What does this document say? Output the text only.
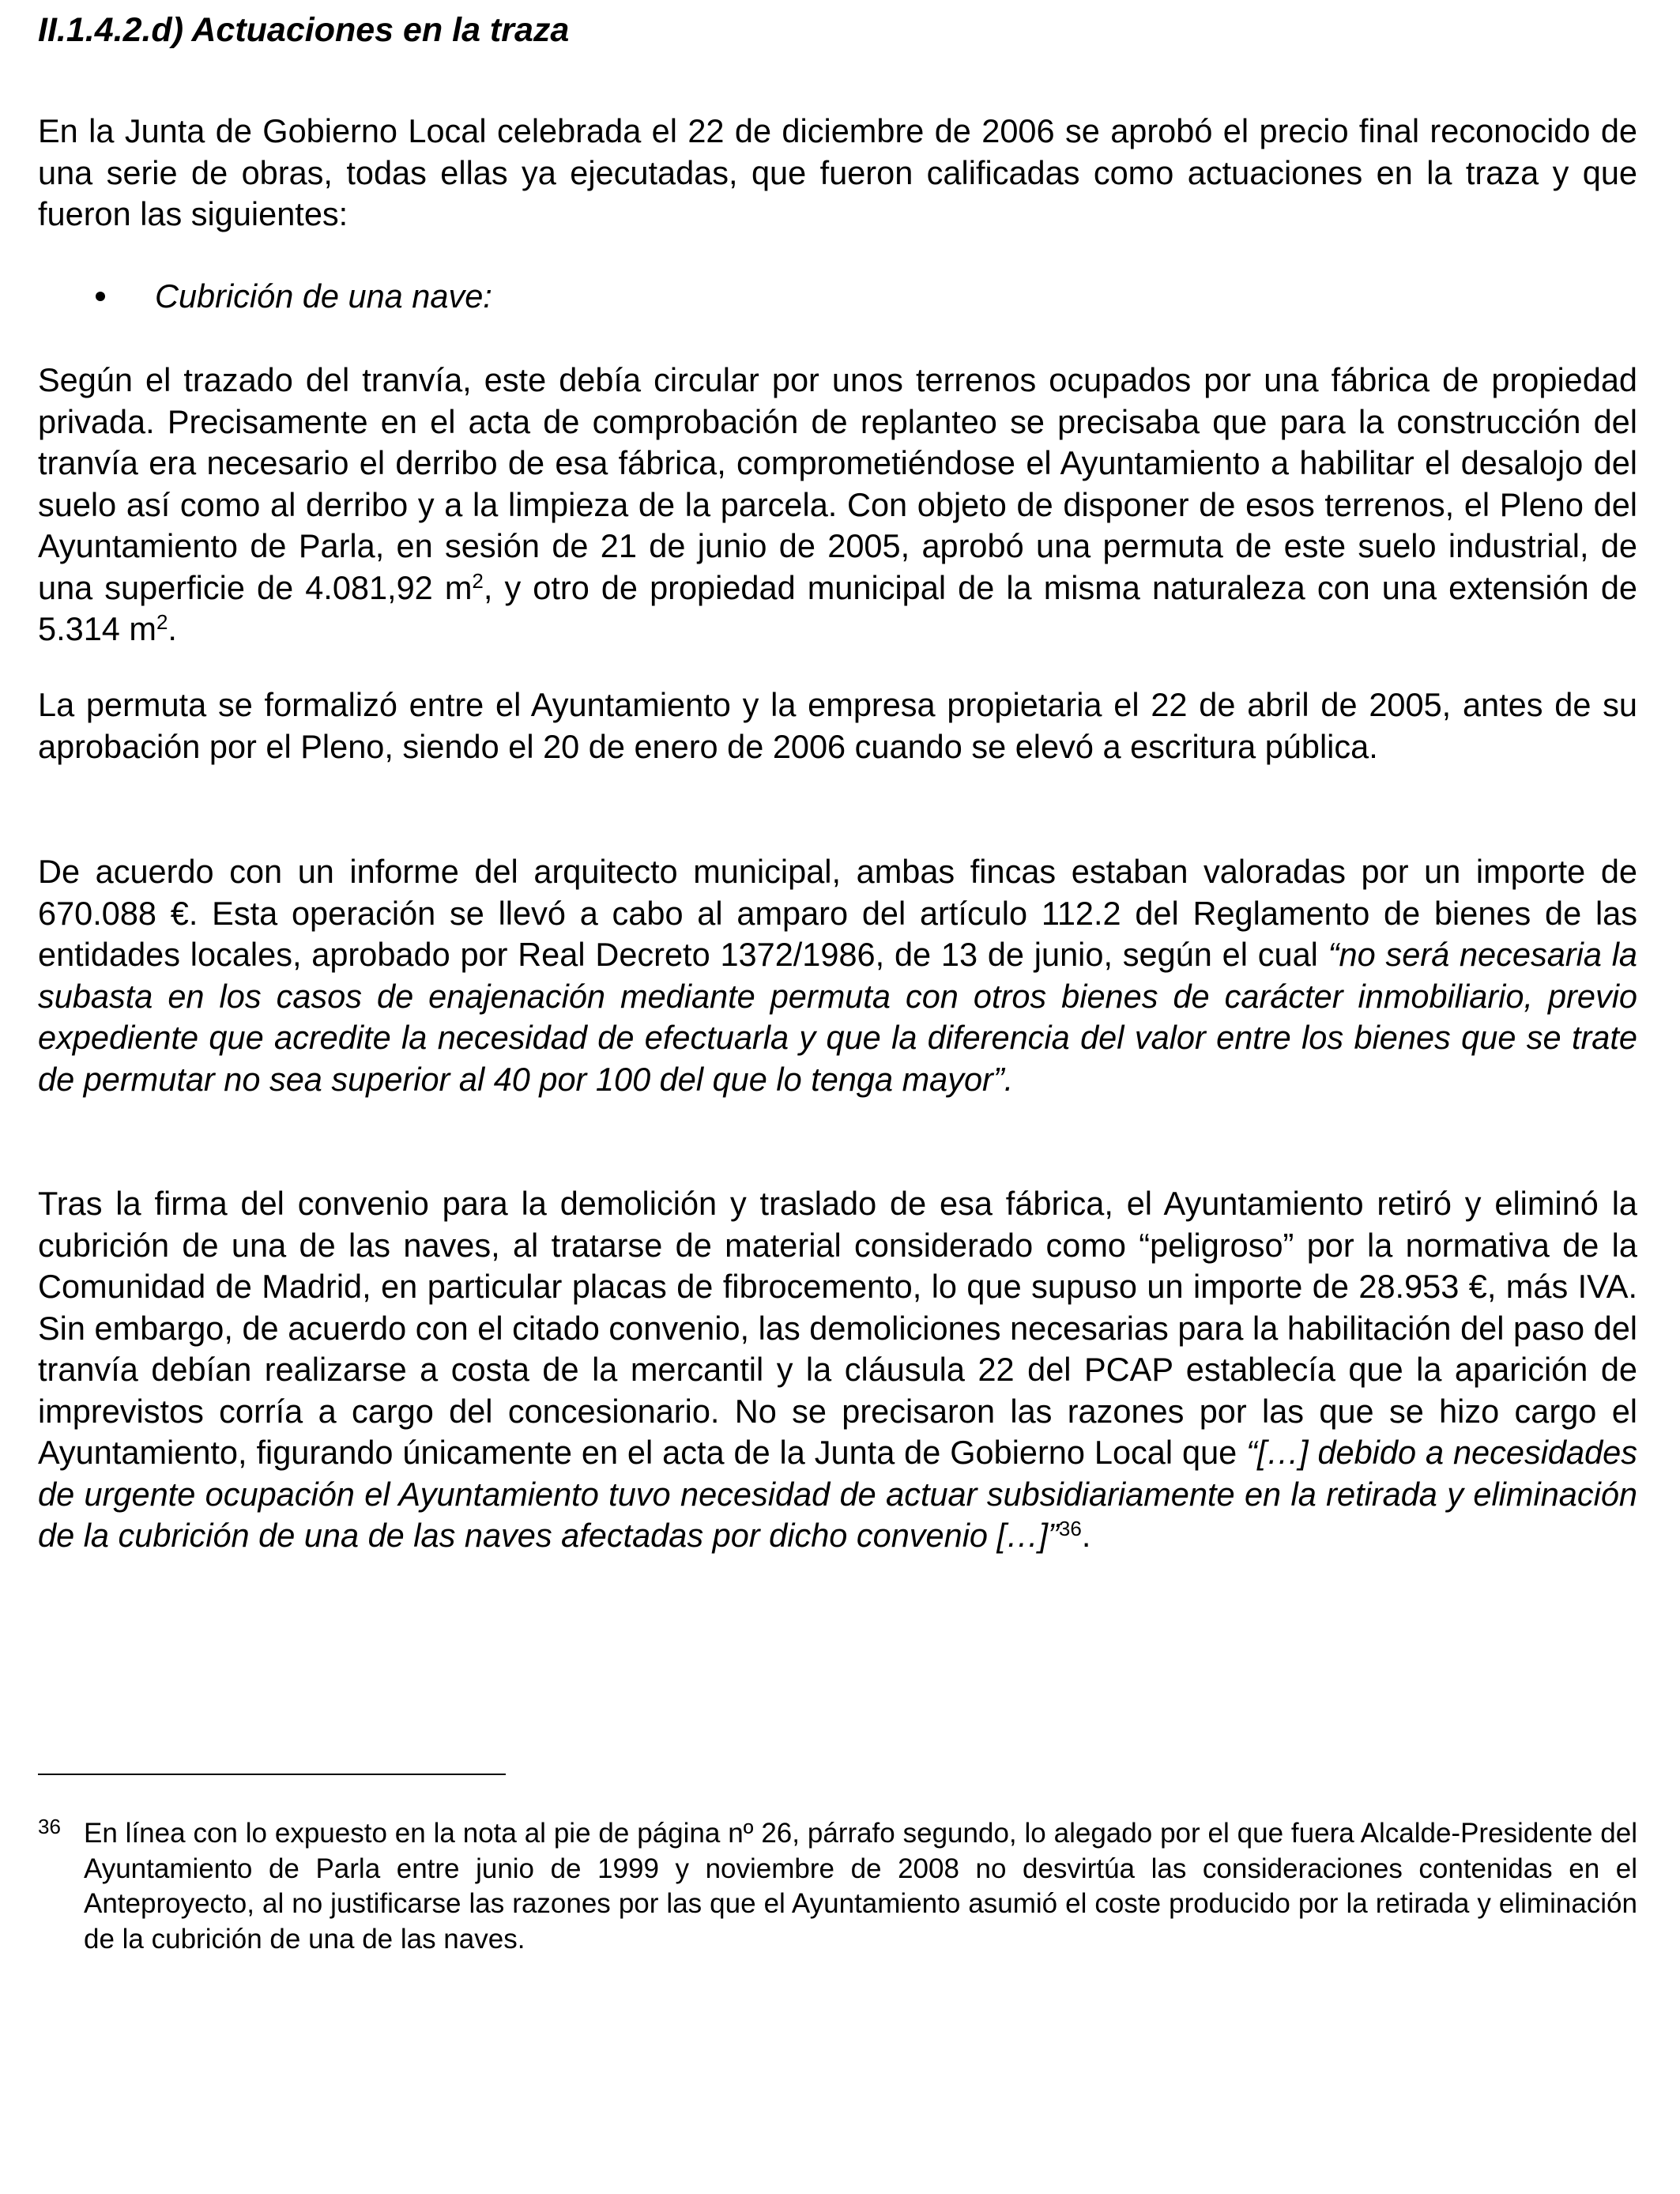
II.1.4.2.d) Actuaciones en la traza
En la Junta de Gobierno Local celebrada el 22 de diciembre de 2006 se aprobó el precio final reconocido de una serie de obras, todas ellas ya ejecutadas, que fueron calificadas como actuaciones en la traza y que fueron las siguientes:
Cubrición de una nave:
Según el trazado del tranvía, este debía circular por unos terrenos ocupados por una fábrica de propiedad privada. Precisamente en el acta de comprobación de replanteo se precisaba que para la construcción del tranvía era necesario el derribo de esa fábrica, comprometiéndose el Ayuntamiento a habilitar el desalojo del suelo así como al derribo y a la limpieza de la parcela. Con objeto de disponer de esos terrenos, el Pleno del Ayuntamiento de Parla, en sesión de 21 de junio de 2005, aprobó una permuta de este suelo industrial, de una superficie de 4.081,92 $m^2$, y otro de propiedad municipal de la misma naturaleza con una extensión de 5.314 $m^2$.
La permuta se formalizó entre el Ayuntamiento y la empresa propietaria el 22 de abril de 2005, antes de su aprobación por el Pleno, siendo el 20 de enero de 2006 cuando se elevó a escritura pública.
De acuerdo con un informe del arquitecto municipal, ambas fincas estaban valoradas por un importe de 670.088 €. Esta operación se llevó a cabo al amparo del artículo 112.2 del Reglamento de bienes de las entidades locales, aprobado por Real Decreto 1372/1986, de 13 de junio, según el cual “no será necesaria la subasta en los casos de enajenación mediante permuta con otros bienes de carácter inmobiliario, previo expediente que acredite la necesidad de efectuarla y que la diferencia del valor entre los bienes que se trate de permutar no sea superior al 40 por 100 del que lo tenga mayor”.
Tras la firma del convenio para la demolición y traslado de esa fábrica, el Ayuntamiento retiró y eliminó la cubrición de una de las naves, al tratarse de material considerado como “peligroso” por la normativa de la Comunidad de Madrid, en particular placas de fibrocemento, lo que supuso un importe de 28.953 €, más IVA. Sin embargo, de acuerdo con el citado convenio, las demoliciones necesarias para la habilitación del paso del tranvía debían realizarse a costa de la mercantil y la cláusula 22 del PCAP establecía que la aparición de imprevistos corría a cargo del concesionario. No se precisaron las razones por las que se hizo cargo el Ayuntamiento, figurando únicamente en el acta de la Junta de Gobierno Local que “[…] debido a necesidades de urgente ocupación el Ayuntamiento tuvo necesidad de actuar subsidiariamente en la retirada y eliminación de la cubrición de una de las naves afectadas por dicho convenio […]”$^{36}$.
36 En línea con lo expuesto en la nota al pie de página nº 26, párrafo segundo, lo alegado por el que fuera Alcalde-Presidente del Ayuntamiento de Parla entre junio de 1999 y noviembre de 2008 no desvirtúa las consideraciones contenidas en el Anteproyecto, al no justificarse las razones por las que el Ayuntamiento asumió el coste producido por la retirada y eliminación de la cubrición de una de las naves.
